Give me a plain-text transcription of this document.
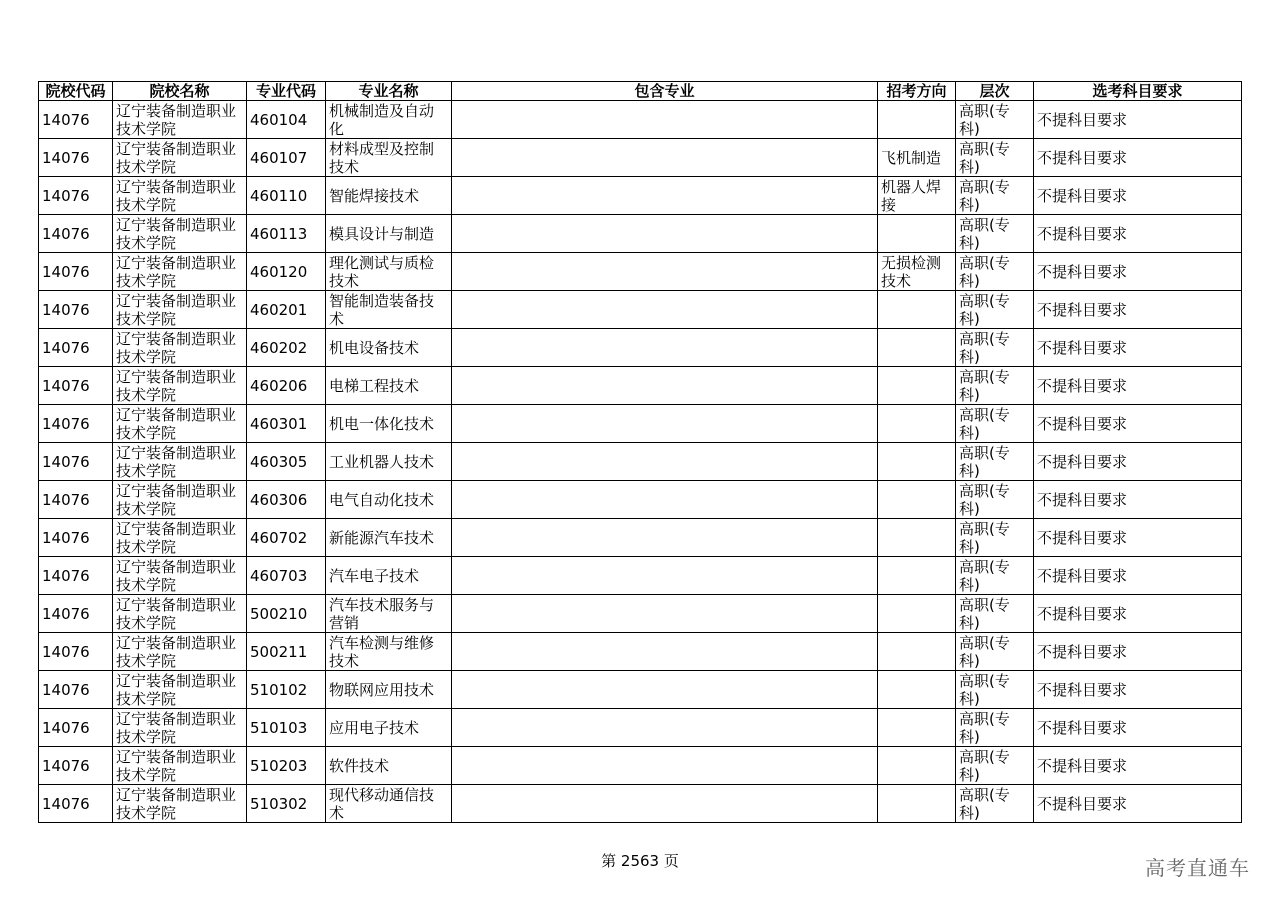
院校代码	院校名称	专业代码	专业名称	包含专业	招考方向	层次	选考科目要求
14076	辽宁装备制造职业技术学院	460104	机械制造及自动化			高职(专科)	不提科目要求
14076	辽宁装备制造职业技术学院	460107	材料成型及控制技术		飞机制造	高职(专科)	不提科目要求
14076	辽宁装备制造职业技术学院	460110	智能焊接技术		机器人焊接	高职(专科)	不提科目要求
14076	辽宁装备制造职业技术学院	460113	模具设计与制造			高职(专科)	不提科目要求
14076	辽宁装备制造职业技术学院	460120	理化测试与质检技术		无损检测技术	高职(专科)	不提科目要求
14076	辽宁装备制造职业技术学院	460201	智能制造装备技术			高职(专科)	不提科目要求
14076	辽宁装备制造职业技术学院	460202	机电设备技术			高职(专科)	不提科目要求
14076	辽宁装备制造职业技术学院	460206	电梯工程技术			高职(专科)	不提科目要求
14076	辽宁装备制造职业技术学院	460301	机电一体化技术			高职(专科)	不提科目要求
14076	辽宁装备制造职业技术学院	460305	工业机器人技术			高职(专科)	不提科目要求
14076	辽宁装备制造职业技术学院	460306	电气自动化技术			高职(专科)	不提科目要求
14076	辽宁装备制造职业技术学院	460702	新能源汽车技术			高职(专科)	不提科目要求
14076	辽宁装备制造职业技术学院	460703	汽车电子技术			高职(专科)	不提科目要求
14076	辽宁装备制造职业技术学院	500210	汽车技术服务与营销			高职(专科)	不提科目要求
14076	辽宁装备制造职业技术学院	500211	汽车检测与维修技术			高职(专科)	不提科目要求
14076	辽宁装备制造职业技术学院	510102	物联网应用技术			高职(专科)	不提科目要求
14076	辽宁装备制造职业技术学院	510103	应用电子技术			高职(专科)	不提科目要求
14076	辽宁装备制造职业技术学院	510203	软件技术			高职(专科)	不提科目要求
14076	辽宁装备制造职业技术学院	510302	现代移动通信技术			高职(专科)	不提科目要求
第 2563 页	高考直通车
